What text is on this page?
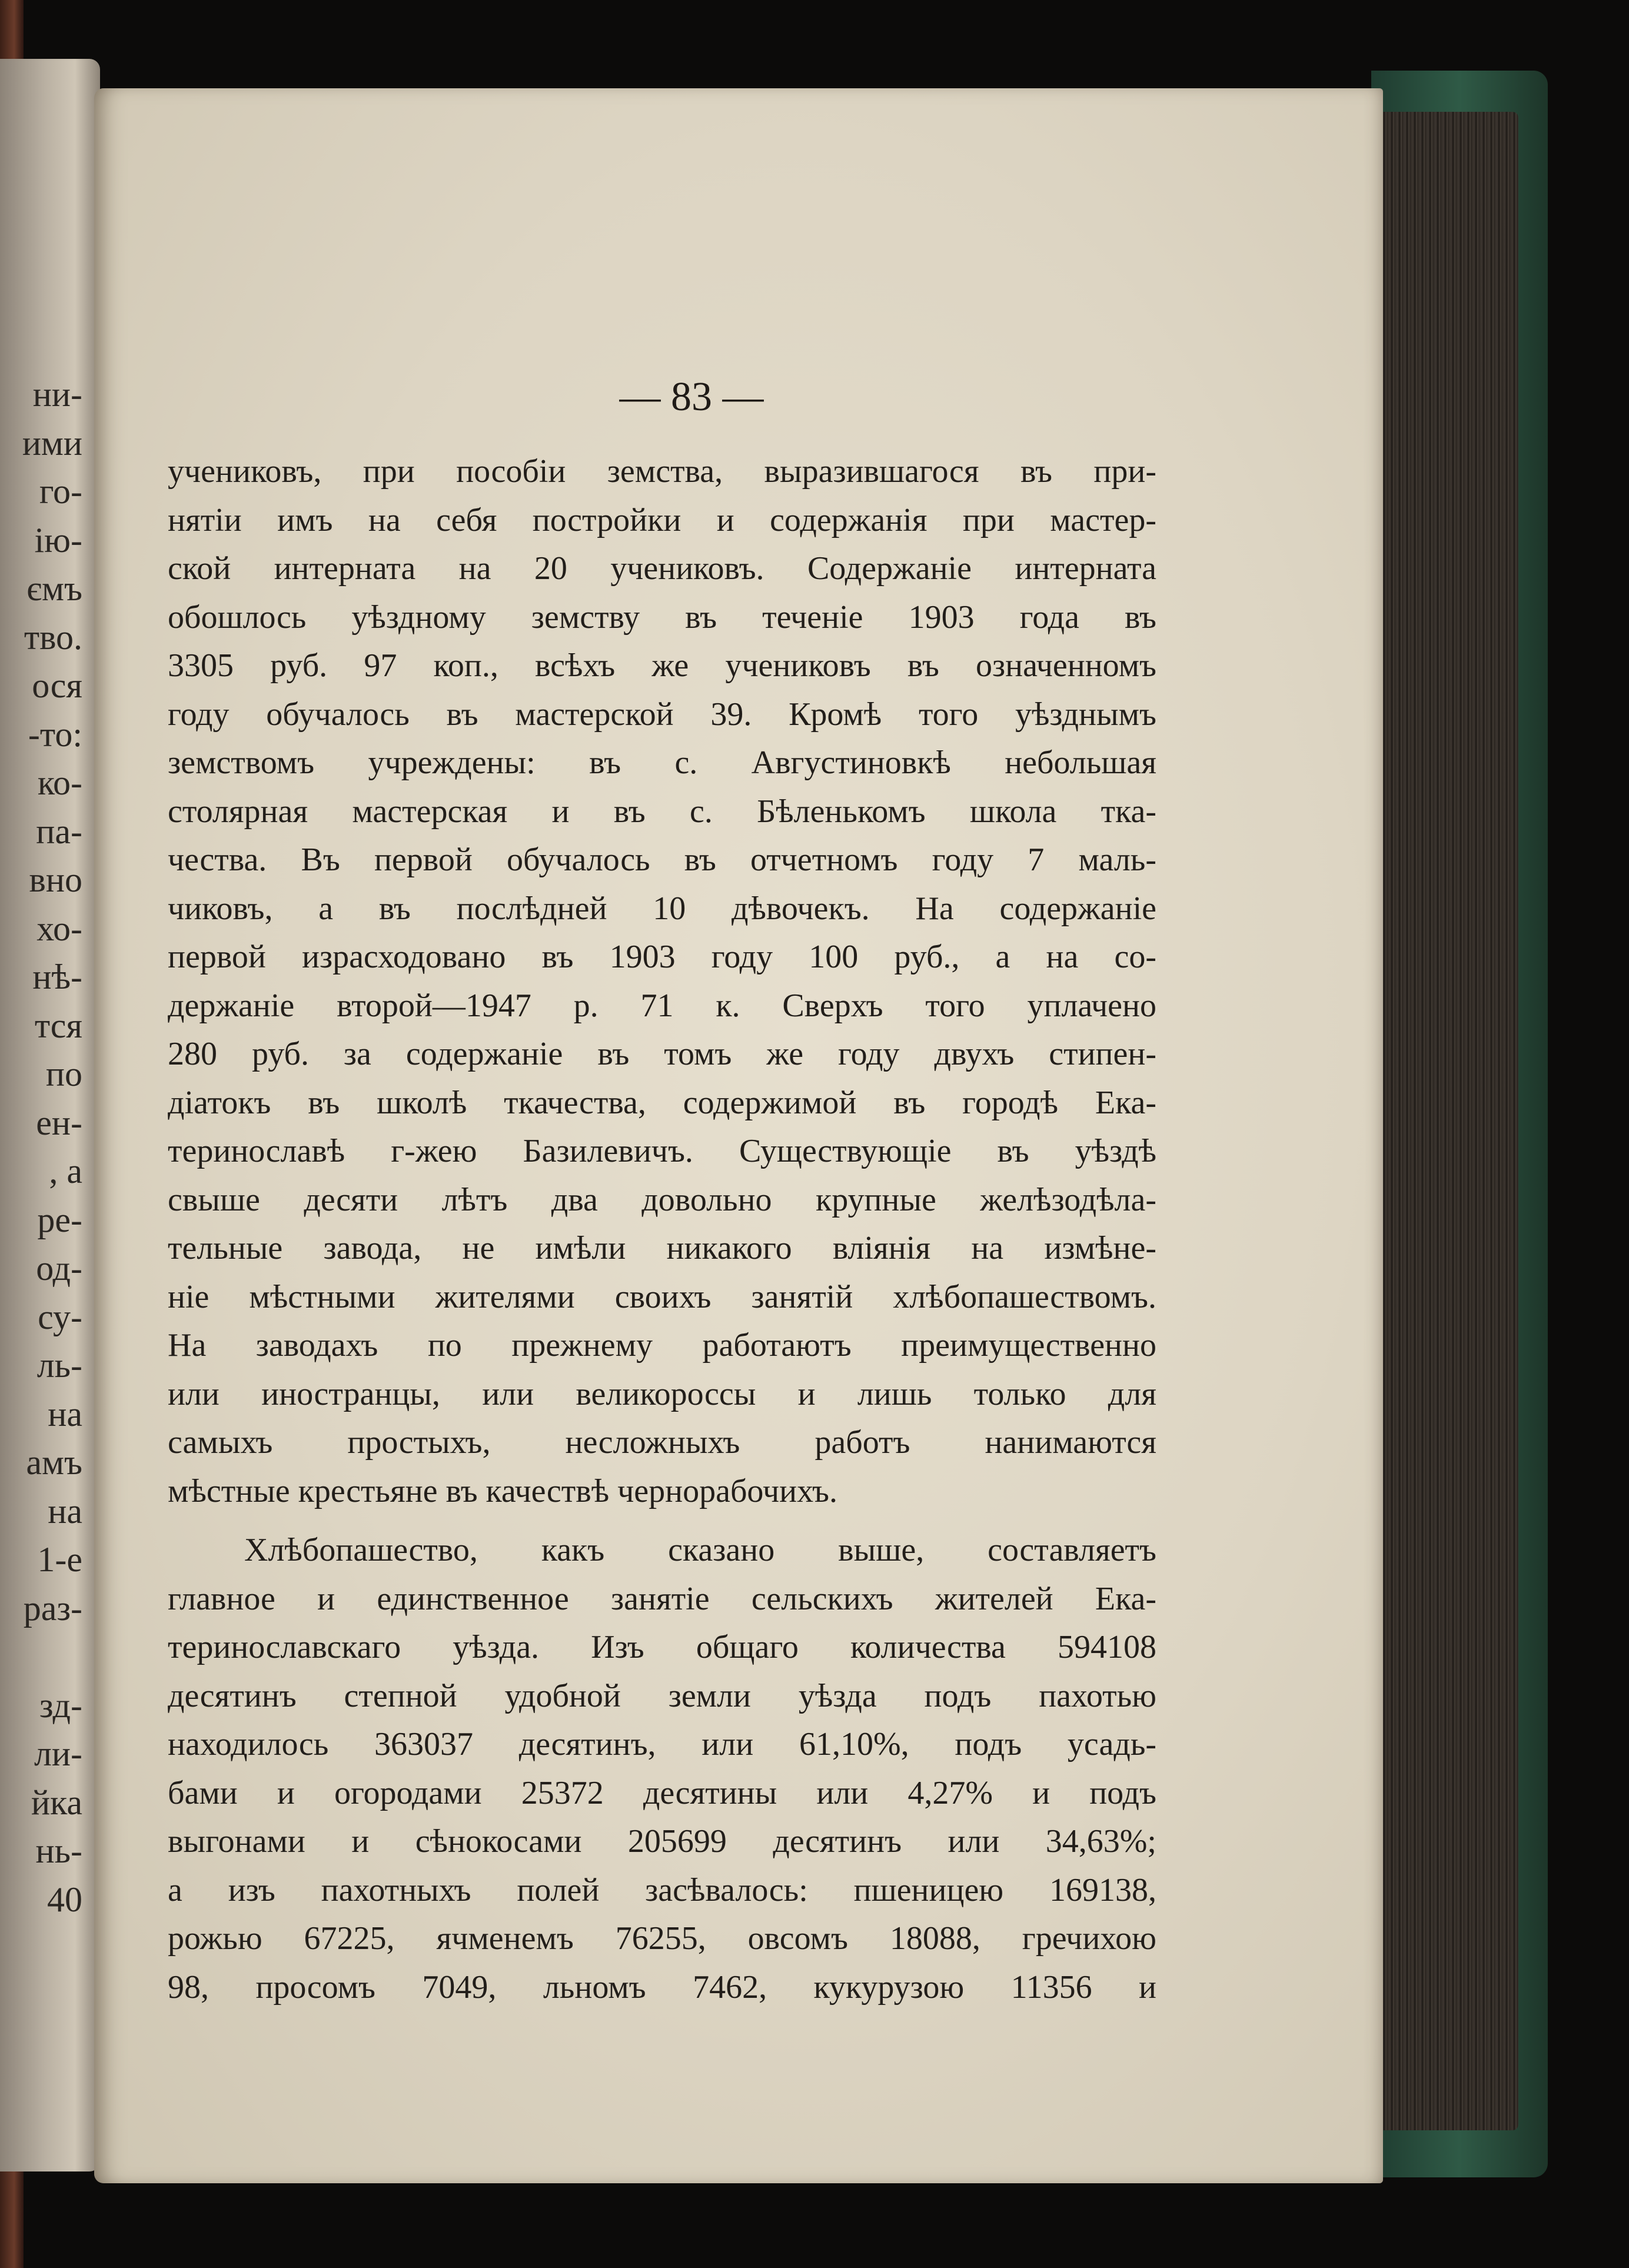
ни-
ими
го-
ію-
ємъ
тво.
ося
-то:
ко-
па-
вно
хо-
нѣ-
тся
по
ен-
, а
ре-
од-
су-
ль-
на
амъ
на
1-е
раз-
зд-
ли-
йка
нь-
40
— 83 —
учениковъ, при пособiи земства, выразившагося въ при-
нятiи имъ на себя постройки и содержанiя при мастер-
ской интерната на 20 учениковъ. Содержанiе интерната
обошлось уѣздному земству въ теченiе 1903 года въ
3305 руб. 97 коп., всѣхъ же учениковъ въ означенномъ
году обучалось въ мастерской 39. Кромѣ того уѣзднымъ
земствомъ учреждены: въ с. Августиновкѣ небольшая
столярная мастерская и въ с. Бѣленькомъ школа тка-
чества. Въ первой обучалось въ отчетномъ году 7 маль-
чиковъ, а въ послѣдней 10 дѣвочекъ. На содержанiе
первой израсходовано въ 1903 году 100 руб., а на со-
держанiе второй—1947 р. 71 к. Сверхъ того уплачено
280 руб. за содержанiе въ томъ же году двухъ стипен-
дiатокъ въ школѣ ткачества, содержимой въ городѣ Ека-
теринославѣ г-жею Базилевичъ. Существующiе въ уѣздѣ
свыше десяти лѣтъ два довольно крупные желѣзодѣла-
тельные завода, не имѣли никакого влiянiя на измѣне-
нiе мѣстными жителями своихъ занятiй хлѣбопашествомъ.
На заводахъ по прежнему работаютъ преимущественно
или иностранцы, или великороссы и лишь только для
самыхъ простыхъ, несложныхъ работъ нанимаются
мѣстные крестьяне въ качествѣ чернорабочихъ.
Хлѣбопашество, какъ сказано выше, составляетъ
главное и единственное занятiе сельскихъ жителей Ека-
теринославскаго уѣзда. Изъ общаго количества 594108
десятинъ степной удобной земли уѣзда подъ пахотью
находилось 363037 десятинъ, или 61,10%, подъ усадь-
бами и огородами 25372 десятины или 4,27% и подъ
выгонами и сѣнокосами 205699 десятинъ или 34,63%;
а изъ пахотныхъ полей засѣвалось: пшеницею 169138,
рожью 67225, ячменемъ 76255, овсомъ 18088, гречихою
98, просомъ 7049, льномъ 7462, кукурузою 11356 и
